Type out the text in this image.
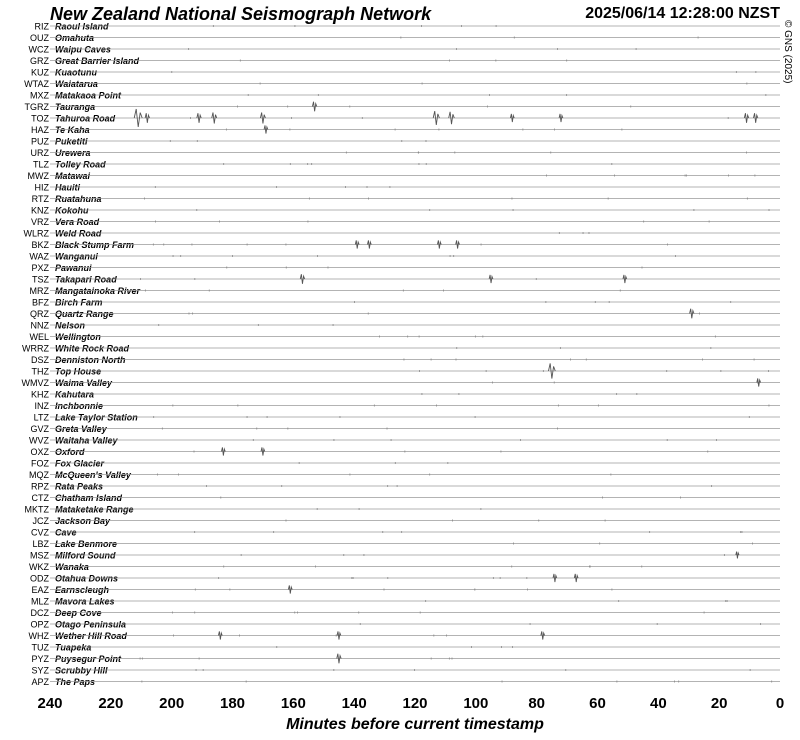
New Zealand National Seismograph Network	2025/06/14 12:28:00 NZST
© GNS (2025)
RIZ Raoul Island
OUZ Omahuta
WCZ Waipu Caves
GRZ Great Barrier Island
KUZ Kuaotunu
WTAZ Waiatarua
MXZ Matakaoa Point
TGRZ Tauranga
TOZ Tahuroa Road
HAZ Te Kaha
PUZ Puketiti
URZ Urewera
TLZ Tolley Road
MWZ Matawai
HIZ Hauiti
RTZ Ruatahuna
KNZ Kokohu
VRZ Vera Road
WLRZ Weld Road
BKZ Black Stump Farm
WAZ Wanganui
PXZ Pawanui
TSZ Takapari Road
MRZ Mangatainoka River
BFZ Birch Farm
QRZ Quartz Range
NNZ Nelson
WEL Wellington
WRRZ White Rock Road
DSZ Denniston North
THZ Top House
WMVZ Waima Valley
KHZ Kahutara
INZ Inchbonnie
LTZ Lake Taylor Station
GVZ Greta Valley
WVZ Waitaha Valley
OXZ Oxford
FOZ Fox Glacier
MQZ McQueen's Valley
RPZ Rata Peaks
CTZ Chatham Island
MKTZ Mataketake Range
JCZ Jackson Bay
CVZ Cave
LBZ Lake Benmore
MSZ Milford Sound
WKZ Wanaka
ODZ Otahua Downs
EAZ Earnscleugh
MLZ Mavora Lakes
DCZ Deep Cove
OPZ Otago Peninsula
WHZ Wether Hill Road
TUZ Tuapeka
PYZ Puysegur Point
SYZ Scrubby Hill
APZ The Paps
240 220 200 180 160 140 120 100	80	60	40	20	0
Minutes before current timestamp
